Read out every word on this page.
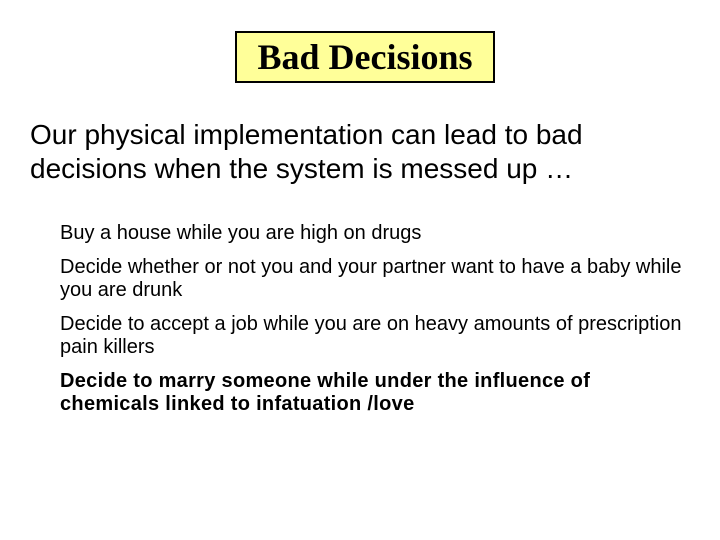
Bad Decisions
Our physical implementation can lead to bad decisions when the system is messed up …
Buy a house while you are high on drugs
Decide whether or not you and your partner want to have a baby while you are drunk
Decide to accept a job while you are on heavy amounts of prescription pain killers
Decide to marry someone while under the influence of chemicals linked to infatuation /love
